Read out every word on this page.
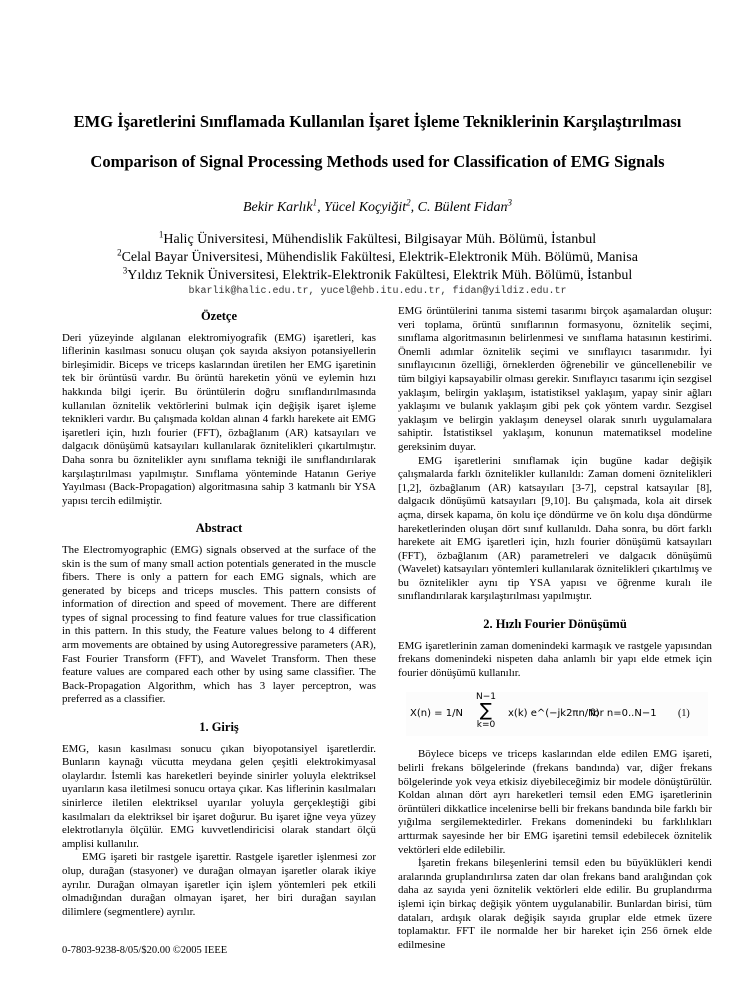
EMG İşaretlerini Sınıflamada Kullanılan İşaret İşleme Tekniklerinin Karşılaştırılması
Comparison of Signal Processing Methods used for Classification of EMG Signals
Bekir Karlık$^1$, Yücel Koçyiğit$^2$, C. Bülent Fidan$^3$
$^1$Haliç Üniversitesi, Mühendislik Fakültesi, Bilgisayar Müh. Bölümü, İstanbul
$^2$Celal Bayar Üniversitesi, Mühendislik Fakültesi, Elektrik-Elektronik Müh. Bölümü, Manisa
$^3$Yıldız Teknik Üniversitesi, Elektrik-Elektronik Fakültesi, Elektrik Müh. Bölümü, İstanbul
bkarlik@halic.edu.tr, yucel@ehb.itu.edu.tr, fidan@yildiz.edu.tr
Özetçe

Deri yüzeyinde algılanan elektromiyografik (EMG) işaretleri, kas liflerinin kasılması sonucu oluşan çok sayıda aksiyon potansiyellerin birleşimidir. Biceps ve triceps kaslarından üretilen her EMG işaretinin tek bir örüntüsü vardır. Bu örüntü hareketin yönü ve eylemin hızı hakkında bilgi içerir. Bu örüntülerin doğru sınıflandırılmasında kullanılan öznitelik vektörlerini bulmak için değişik işaret işleme teknikleri vardır. Bu çalışmada koldan alınan 4 farklı harekete ait EMG işaretleri için, hızlı fourier (FFT), özbağlanım (AR) katsayıları ve dalgacık dönüşümü katsayıları kullanılarak öznitelikleri çıkartılmıştır. Daha sonra bu öznitelikler aynı sınıflama tekniği ile sınıflandırılarak karşılaştırılması yapılmıştır. Sınıflama yönteminde Hatanın Geriye Yayılması (Back-Propagation) algoritmasına sahip 3 katmanlı bir YSA yapısı tercih edilmiştir.

Abstract

The Electromyographic (EMG) signals observed at the surface of the skin is the sum of many small action potentials generated in the muscle fibers. There is only a pattern for each EMG signals, which are generated by biceps and triceps muscles. This pattern consists of information of direction and speed of movement. There are different types of signal processing to find feature values for true classification in this pattern. In this study, the Feature values belong to 4 different arm movements are obtained by using Autoregressive parameters (AR), Fast Fourier Transform (FFT), and Wavelet Transform. Then these feature values are compared each other by using same classifier. The Back-Propagation Algorithm, which has 3 layer perceptron, was preferred as a classifier.

1. Giriş

EMG, kasın kasılması sonucu çıkan biyopotansiyel işaretlerdir. Bunların kaynağı vücutta meydana gelen çeşitli elektrokimyasal olaylardır. İstemli kas hareketleri beyinde sinirler yoluyla elektriksel uyarıların kasa iletilmesi sonucu ortaya çıkar. Kas liflerinin kasılmaları sinirlerce iletilen elektriksel uyarılar yoluyla gerçekleştiği gibi kasılmaları da elektriksel bir işaret doğurur. Bu işaret iğne veya yüzey elektrotlarıyla ölçülür. EMG kuvvetlendiricisi olarak standart ölçü amplisi kullanılır.

EMG işareti bir rastgele işarettir. Rastgele işaretler işlenmesi zor olup, durağan (stasyoner) ve durağan olmayan işaretler olarak ikiye ayrılır. Durağan olmayan işaretler için işlem yöntemleri pek etkili olmadığından durağan olmayan işaret, her biri durağan sayılan dilimlere (segmentlere) ayrılır.

EMG örüntülerini tanıma sistemi tasarımı birçok aşamalardan oluşur: veri toplama, örüntü sınıflarının formasyonu, öznitelik seçimi, sınıflama algoritmasının belirlenmesi ve sınıflama hatasının kestirimi. Önemli adımlar öznitelik seçimi ve sınıflayıcı tasarımıdır. İyi sınıflayıcının özelliği, örneklerden öğrenebilir ve güncellenebilir ve tüm bilgiyi kapsayabilir olması gerekir. Sınıflayıcı tasarımı için sezgisel yaklaşım, belirgin yaklaşım, istatistiksel yaklaşım, yapay sinir ağları yaklaşımı ve bulanık yaklaşım gibi pek çok yöntem vardır. Sezgisel yaklaşım ve belirgin yaklaşım deneysel olarak sınırlı uygulamalara sahiptir. İstatistiksel yaklaşım, konunun matematiksel modeline gereksinim duyar.

EMG işaretlerini sınıflamak için bugüne kadar değişik çalışmalarda farklı öznitelikler kullanıldı: Zaman domeni öznitelikleri [1,2], özbağlanım (AR) katsayıları [3-7], cepstral katsayılar [8], dalgacık dönüşümü katsayıları [9,10]. Bu çalışmada, kola ait dirsek açma, dirsek kapama, ön kolu içe döndürme ve ön kolu dışa döndürme hareketlerinden oluşan dört sınıf kullanıldı. Daha sonra, bu dört farklı harekete ait EMG işaretleri için, hızlı fourier dönüşümü katsayıları (FFT), özbağlanım (AR) parametreleri ve dalgacık dönüşümü (Wavelet) katsayıları yöntemleri kullanılarak öznitelikleri çıkartılmış ve bu öznitelikler aynı tip YSA yapısı ve öğrenme kuralı ile sınıflandırılarak karşılaştırılması yapılmıştır.

2. Hızlı Fourier Dönüşümü

EMG işaretlerinin zaman domenindeki karmaşık ve rastgele yapısından frekans domenindeki nispeten daha anlamlı bir yapı elde etmek için fourier dönüşümü kullanılır.

X(n) = 1/N
N−1
∑
k=0
x(k) e^(−jk2πn/N)
for n=0..N−1 (1)

Böylece biceps ve triceps kaslarından elde edilen EMG işareti, belirli frekans bölgelerinde (frekans bandında) var, diğer frekans bölgelerinde yok veya etkisiz diyebileceğimiz bir modele dönüştürülür. Koldan alınan dört ayrı hareketleri temsil eden EMG işaretlerinin örüntüleri dikkatlice incelenirse belli bir frekans bandında bile farklı bir yığılma sergilemektedirler. Frekans domenindeki bu farklılıkları arttırmak sayesinde her bir EMG işaretini temsil edebilecek öznitelik vektörleri elde edilebilir.

İşaretin frekans bileşenlerini temsil eden bu büyüklükleri kendi aralarında gruplandırılırsa zaten dar olan frekans band aralığından çok daha az sayıda yeni öznitelik vektörleri elde edilir. Bu gruplandırma işlemi için birkaç değişik yöntem uygulanabilir. Bunlardan birisi, tüm dataları, ardışık olarak değişik sayıda gruplar elde etmek üzere toplamaktır. FFT ile normalde her bir hareket için 256 örnek elde edilmesine

0-7803-9238-8/05/$20.00 ©2005 IEEE
